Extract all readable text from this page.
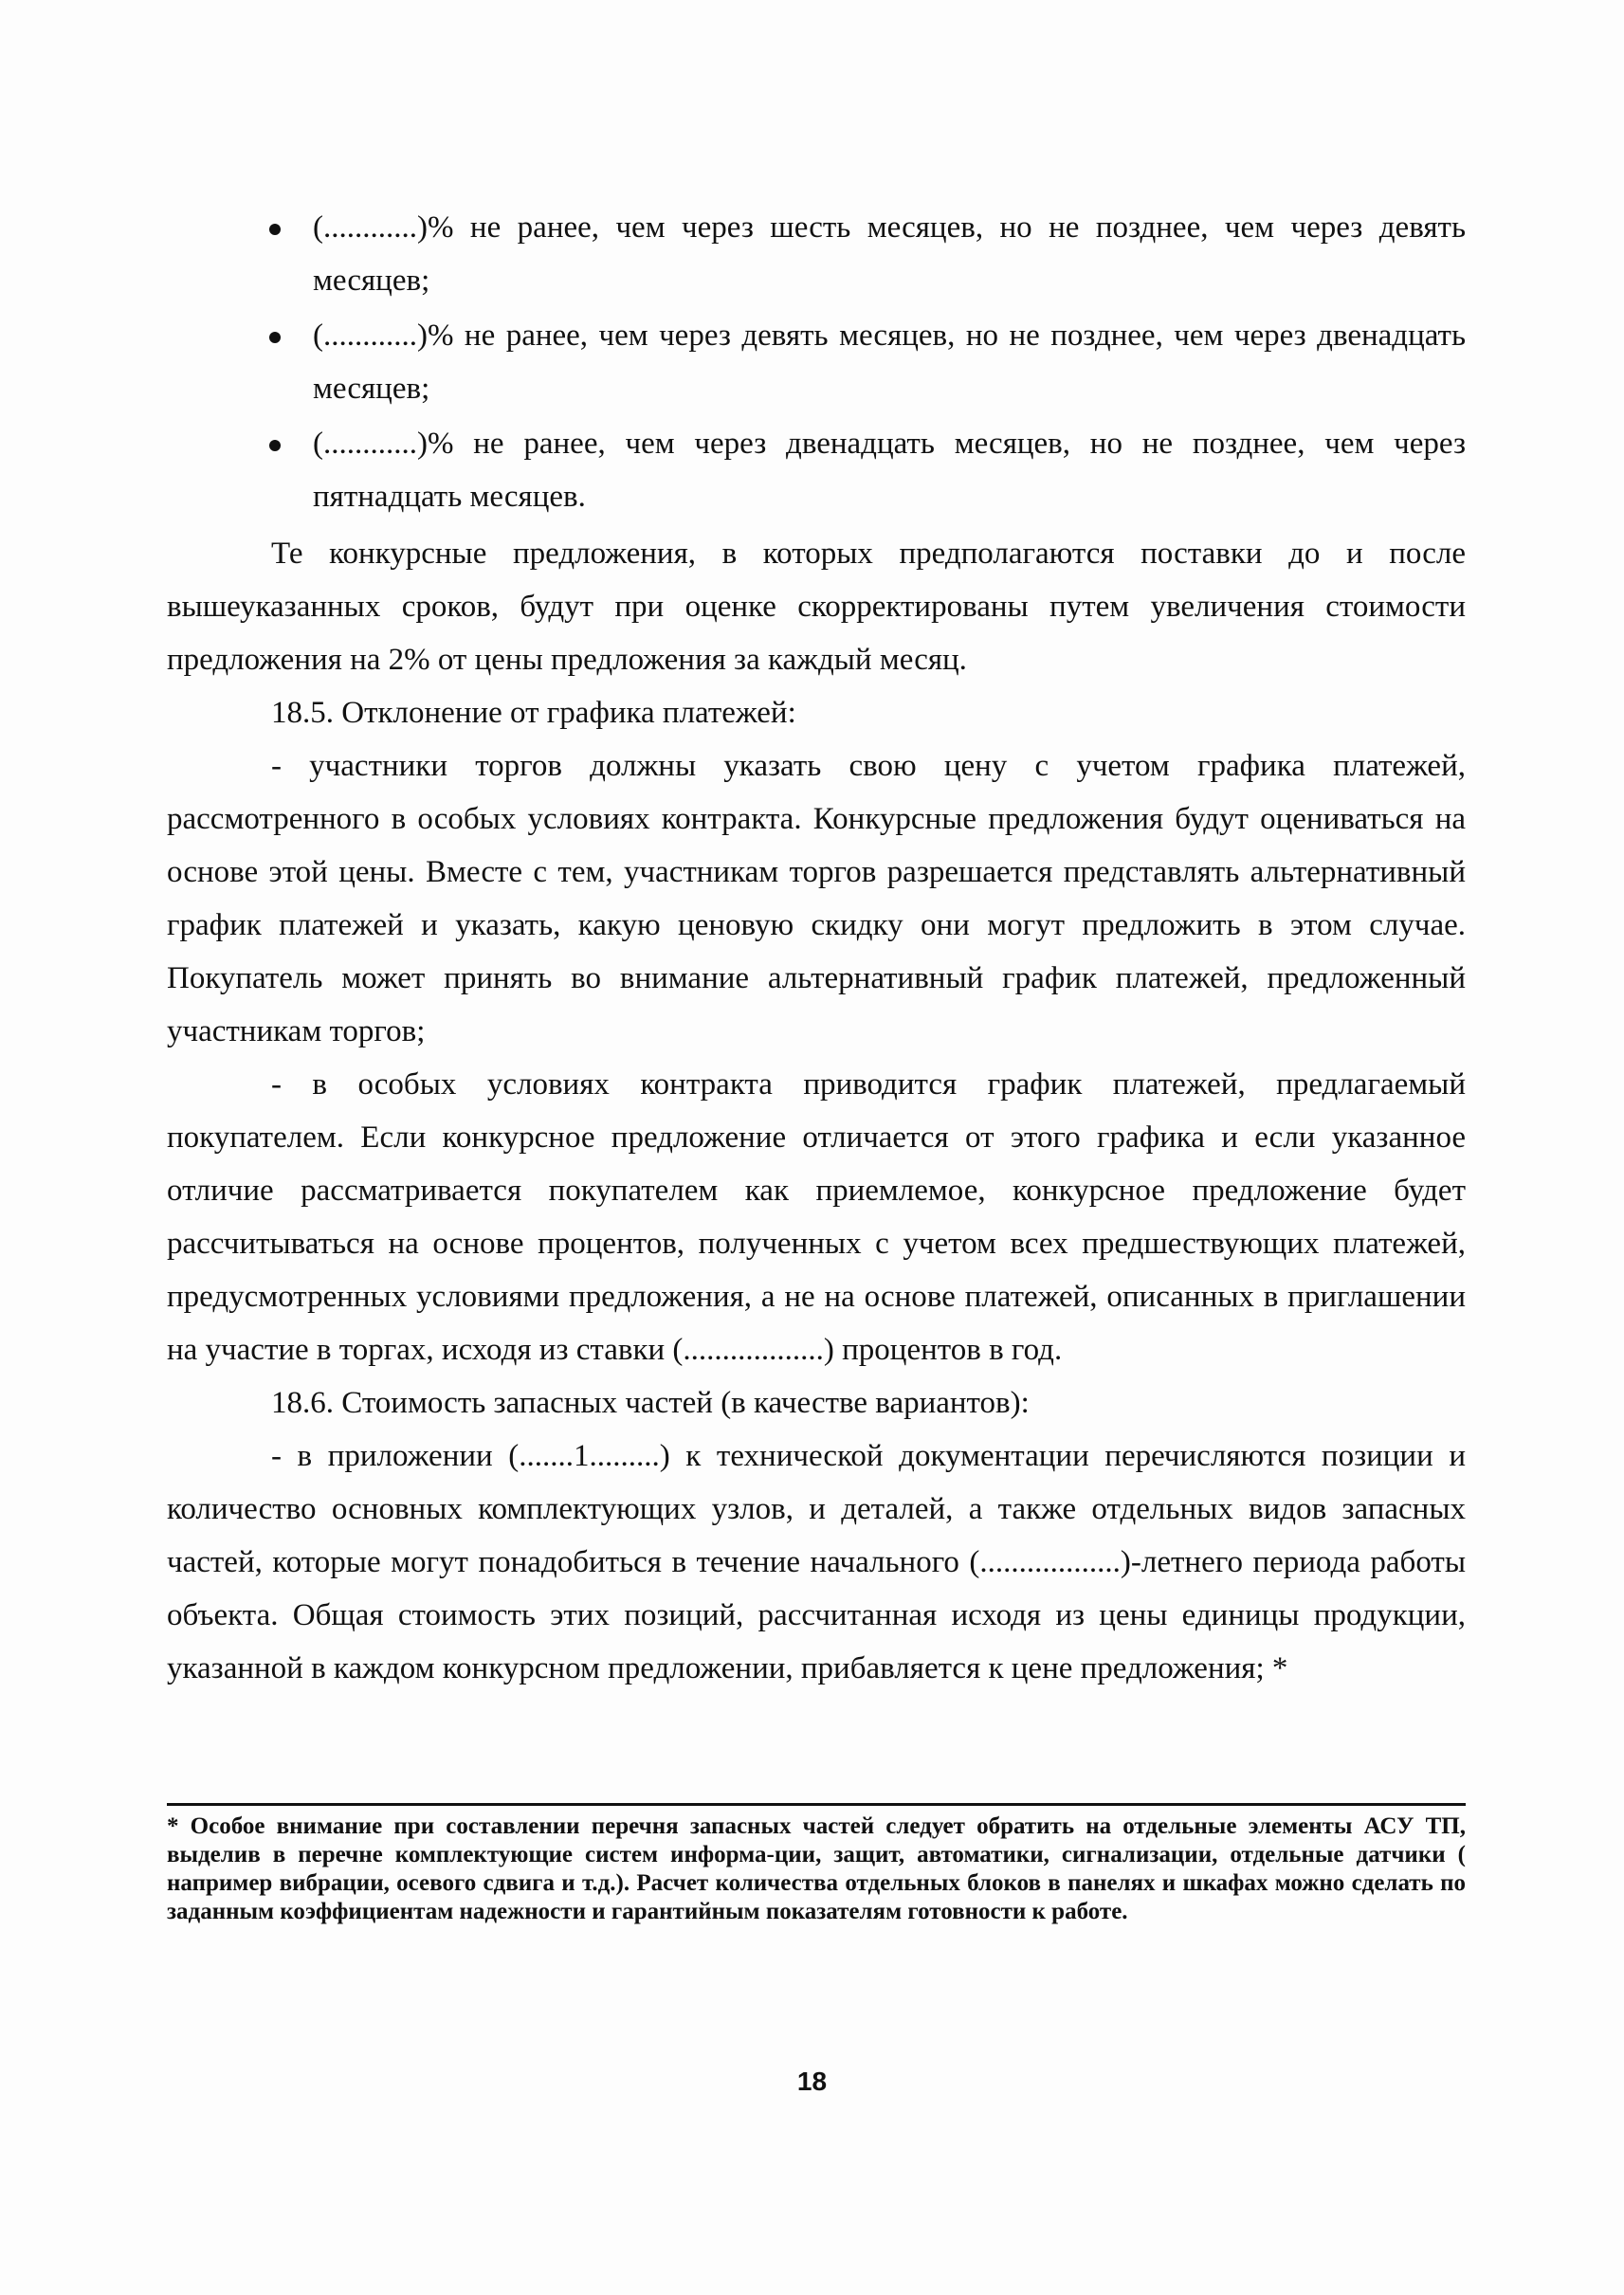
(............)% не ранее, чем через шесть месяцев, но не позднее, чем через девять месяцев;
(............)% не ранее, чем через девять месяцев, но не позднее, чем через двенадцать месяцев;
(............)% не ранее, чем через двенадцать месяцев, но не позднее, чем через пятнадцать месяцев.

Те конкурсные предложения, в которых предполагаются поставки до и после вышеуказанных сроков, будут при оценке скорректированы путем увеличения стоимости предложения на 2% от цены предложения за каждый месяц.

18.5. Отклонение от графика платежей:

- участники торгов должны указать свою цену с учетом графика платежей, рассмотренного в особых условиях контракта. Конкурсные предложения будут оцениваться на основе этой цены. Вместе с тем, участникам торгов разрешается представлять альтернативный график платежей и указать, какую ценовую скидку они могут предложить в этом случае. Покупатель может принять во внимание альтернативный график платежей, предложенный участникам торгов;

- в особых условиях контракта приводится график платежей, предлагаемый покупателем. Если конкурсное предложение отличается от этого графика и если указанное отличие рассматривается покупателем как приемлемое, конкурсное предложение будет рассчитываться на основе процентов, полученных с учетом всех предшествующих платежей, предусмотренных условиями предложения, а не на основе платежей, описанных в приглашении на участие в торгах, исходя из ставки (..................) процентов в год.

18.6. Стоимость запасных частей (в качестве вариантов):

- в приложении (.......1.........) к технической документации перечисляются позиции и количество основных комплектующих узлов, и деталей, а также отдельных видов запасных частей, которые могут понадобиться в течение начального (..................)-летнего периода работы объекта. Общая стоимость этих позиций, рассчитанная исходя из цены единицы продукции, указанной в каждом конкурсном предложении, прибавляется к цене предложения; *

* Особое внимание при составлении перечня запасных частей следует обратить на отдельные элементы АСУ ТП, выделив в перечне комплектующие систем информа-ции, защит, автоматики, сигнализации, отдельные датчики ( например вибрации, осевого сдвига и т.д.). Расчет количества отдельных блоков в панелях и шкафах можно сделать по заданным коэффициентам надежности и гарантийным показателям готовности к работе.

18
